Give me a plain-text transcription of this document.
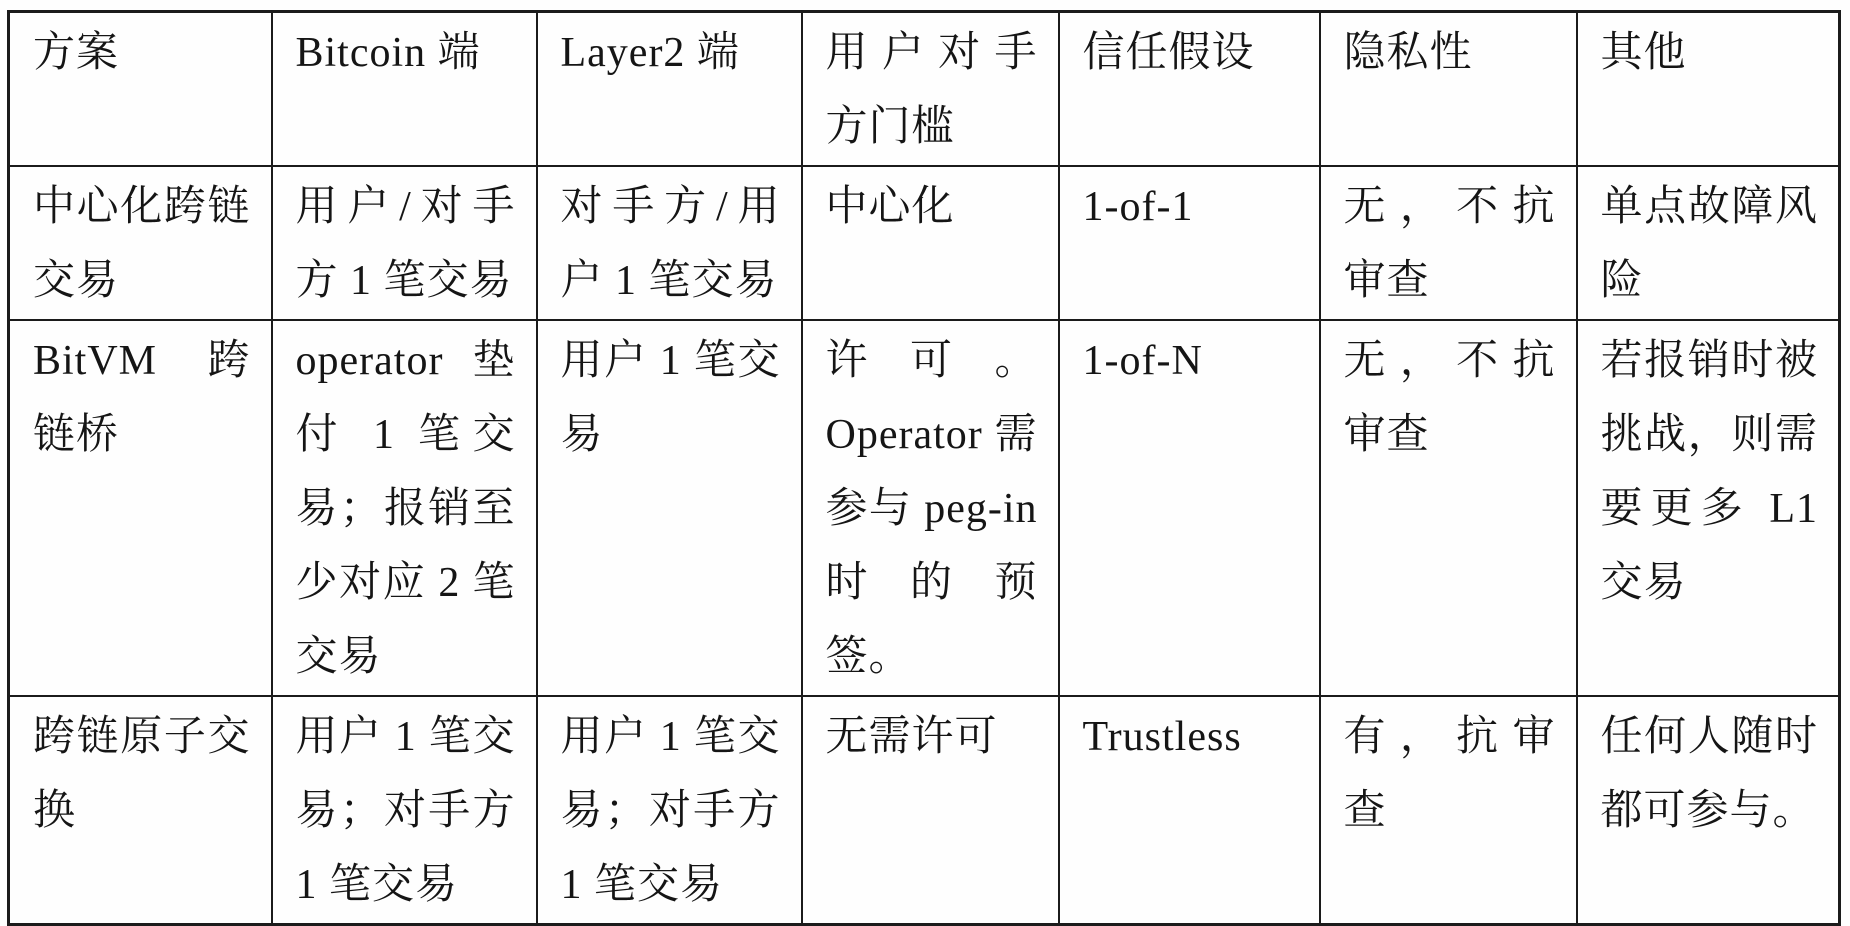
方案	Bitcoin 端	Layer2 端	用户对手方门槛	信任假设	隐私性	其他
中心化跨链交易	用户/对手方 1 笔交易	对手方/用户 1 笔交易	中心化	1-of-1	无，不抗审查	单点故障风险
BitVM 跨链桥	operator 垫付 1 笔交易；报销至少对应 2 笔交易	用户 1 笔交易	许可。Operator 需参与 peg-in 时的预签。	1-of-N	无，不抗审查	若报销时被挑战，则需要更多 L1 交易
跨链原子交换	用户 1 笔交易；对手方 1 笔交易	用户 1 笔交易；对手方 1 笔交易	无需许可	Trustless	有，抗审查	任何人随时都可参与。
